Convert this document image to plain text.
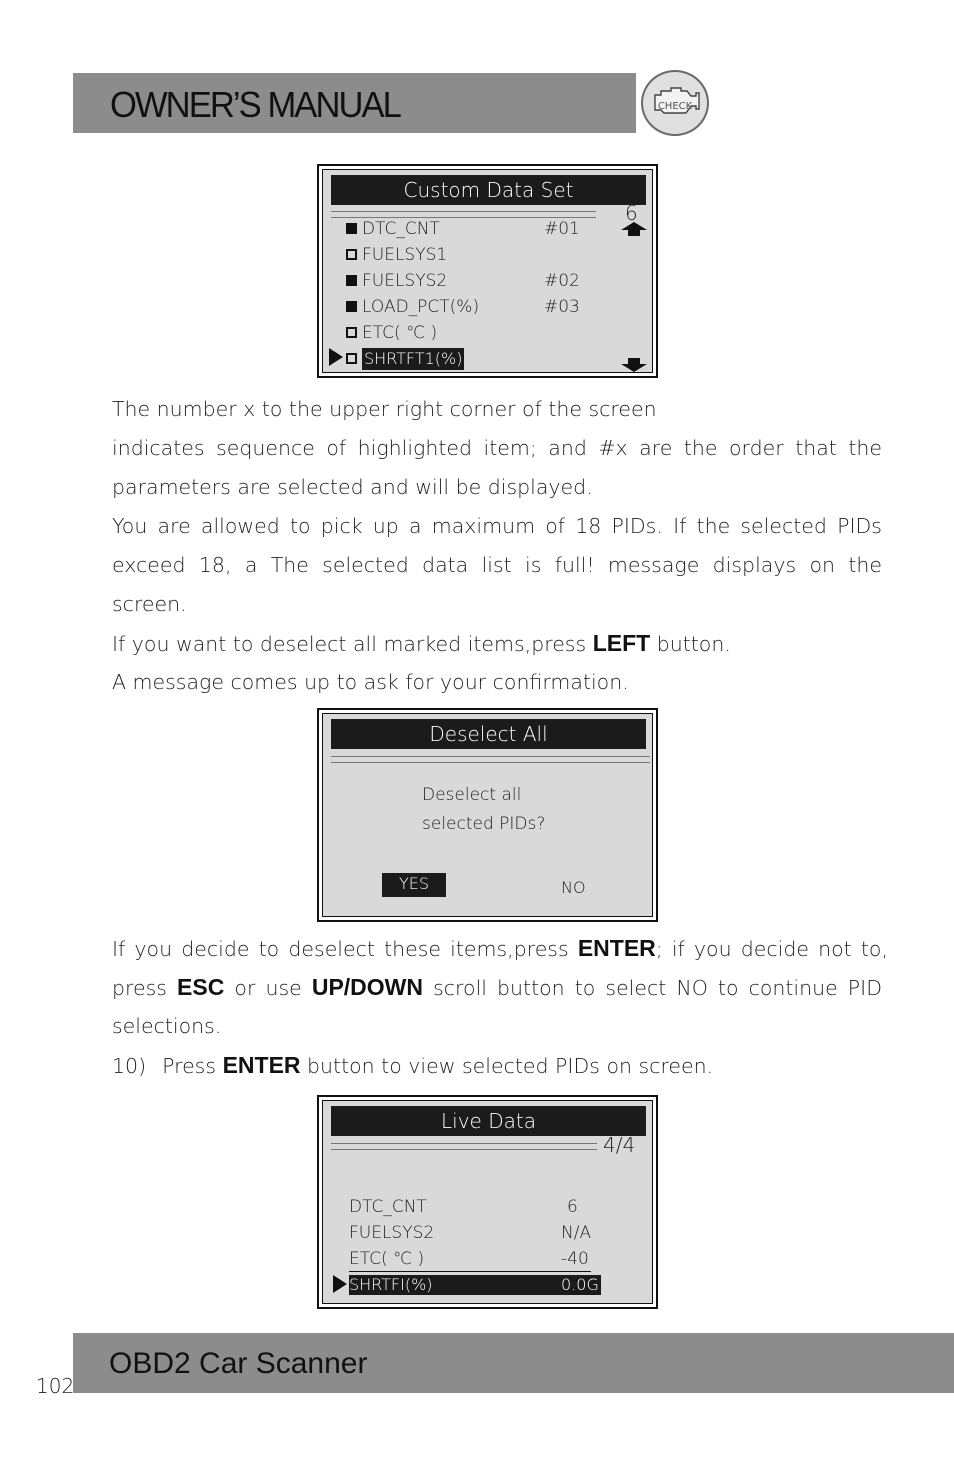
OWNER’S MANUAL	CHECK
Custom Data Set
6
DTC_CNT	#01
FUELSYS1
FUELSYS2	#02
LOAD_PCT(%)	#03
ETC( ℃ )
SHRTFT1(%)
The number x to the upper right corner of the screen
indicates sequence of highlighted item; and #x are the order that the
parameters are selected and will be displayed.
You are allowed to pick up a maximum of 18 PIDs. If the selected PIDs
exceed 18, a The selected data list is full! message displays on the
screen.
If you want to deselect all marked items,press LEFT button.
A message comes up to ask for your confirmation.
Deselect All
Deselect all
selected PIDs?
YES	NO
If you decide to deselect these items,press ENTER; if you decide not to,
press ESC or use UP/DOWN scroll button to select NO to continue PID
selections.
10) Press ENTER button to view selected PIDs on screen.
Live Data
4/4
DTC_CNT	6
FUELSYS2	N/A
ETC( ℃ )	-40
SHRTFI(%)	0.0G
OBD2 Car Scanner
102
